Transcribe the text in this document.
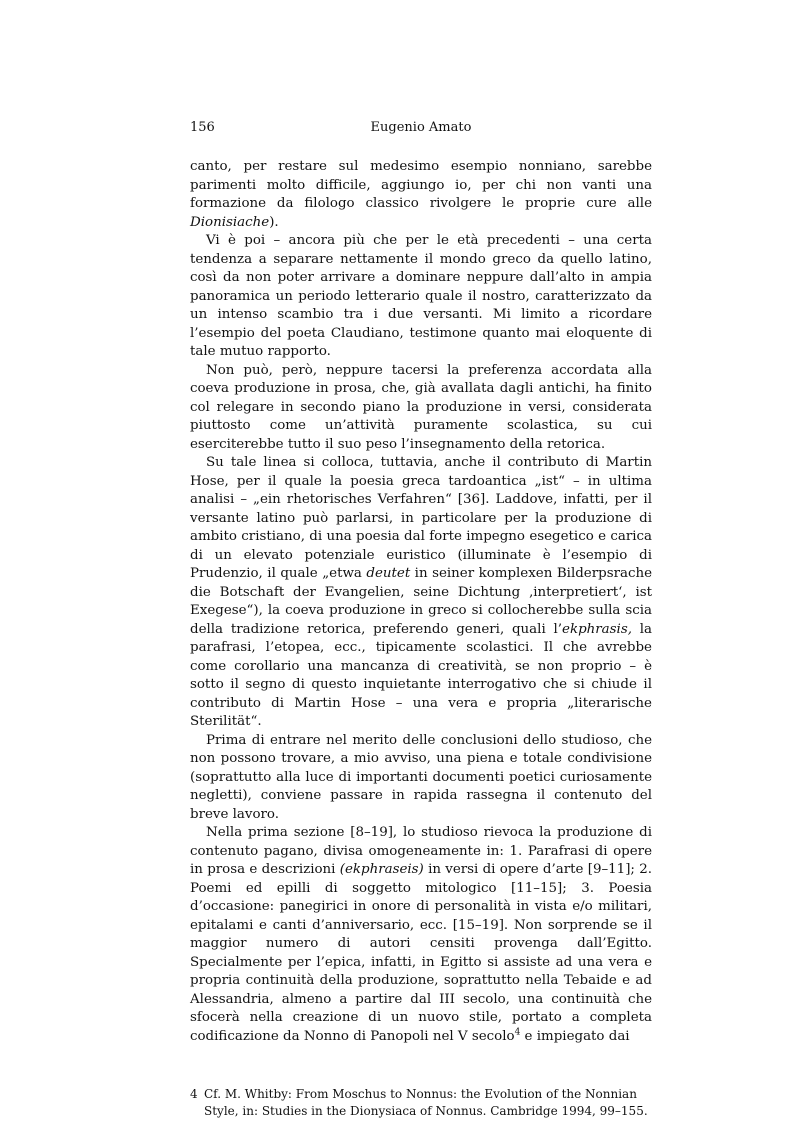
156	Eugenio Amato

canto, per restare sul medesimo esempio nonniano, sarebbe parimenti molto difficile, aggiungo io, per chi non vanti una formazione da filologo classico rivolgere le proprie cure alle Dionisiache).

Vi è poi – ancora più che per le età precedenti – una certa tendenza a separare nettamente il mondo greco da quello latino, così da non poter arrivare a dominare neppure dall’alto in ampia panoramica un periodo letterario quale il nostro, caratterizzato da un intenso scambio tra i due versanti. Mi limito a ricordare l’esempio del poeta Claudiano, testimone quanto mai eloquente di tale mutuo rapporto.

Non può, però, neppure tacersi la preferenza accordata alla coeva produzione in prosa, che, già avallata dagli antichi, ha finito col relegare in secondo piano la produzione in versi, considerata piuttosto come un’attività puramente scolastica, su cui eserciterebbe tutto il suo peso l’insegnamento della retorica.

Su tale linea si colloca, tuttavia, anche il contributo di Martin Hose, per il quale la poesia greca tardoantica „ist“ – in ultima analisi – „ein rhetorisches Verfahren“ [36]. Laddove, infatti, per il versante latino può parlarsi, in particolare per la produzione di ambito cristiano, di una poesia dal forte impegno esegetico e carica di un elevato potenziale euristico (illuminate è l’esempio di Prudenzio, il quale „etwa deutet in seiner komplexen Bilderpsrache die Botschaft der Evangelien, seine Dichtung ‚interpretiert‘, ist Exegese“), la coeva produzione in greco si collocherebbe sulla scia della tradizione retorica, preferendo generi, quali l’ekphrasis, la parafrasi, l’etopea, ecc., tipicamente scolastici. Il che avrebbe come corollario una mancanza di creatività, se non proprio – è sotto il segno di questo inquietante interrogativo che si chiude il contributo di Martin Hose – una vera e propria „literarische Sterilität“.

Prima di entrare nel merito delle conclusioni dello studioso, che non possono trovare, a mio avviso, una piena e totale condivisione (soprattutto alla luce di importanti documenti poetici curiosamente negletti), conviene passare in rapida rassegna il contenuto del breve lavoro.

Nella prima sezione [8–19], lo studioso rievoca la produzione di contenuto pagano, divisa omogeneamente in: 1. Parafrasi di opere in prosa e descrizioni (ekphraseis) in versi di opere d’arte [9–11]; 2. Poemi ed epilli di soggetto mitologico [11–15]; 3. Poesia d’occasione: panegirici in onore di personalità in vista e/o militari, epitalami e canti d’anniversario, ecc. [15–19]. Non sorprende se il maggior numero di autori censiti provenga dall’Egitto. Specialmente per l’epica, infatti, in Egitto si assiste ad una vera e propria continuità della produzione, soprattutto nella Tebaide e ad Alessandria, almeno a partire dal III secolo, una continuità che sfocerà nella creazione di un nuovo stile, portato a completa codificazione da Nonno di Panopoli nel V secolo$^4$ e impiegato dai

4 Cf. M. Whitby: From Moschus to Nonnus: the Evolution of the Nonnian Style, in: Studies in the Dionysiaca of Nonnus. Cambridge 1994, 99–155.
